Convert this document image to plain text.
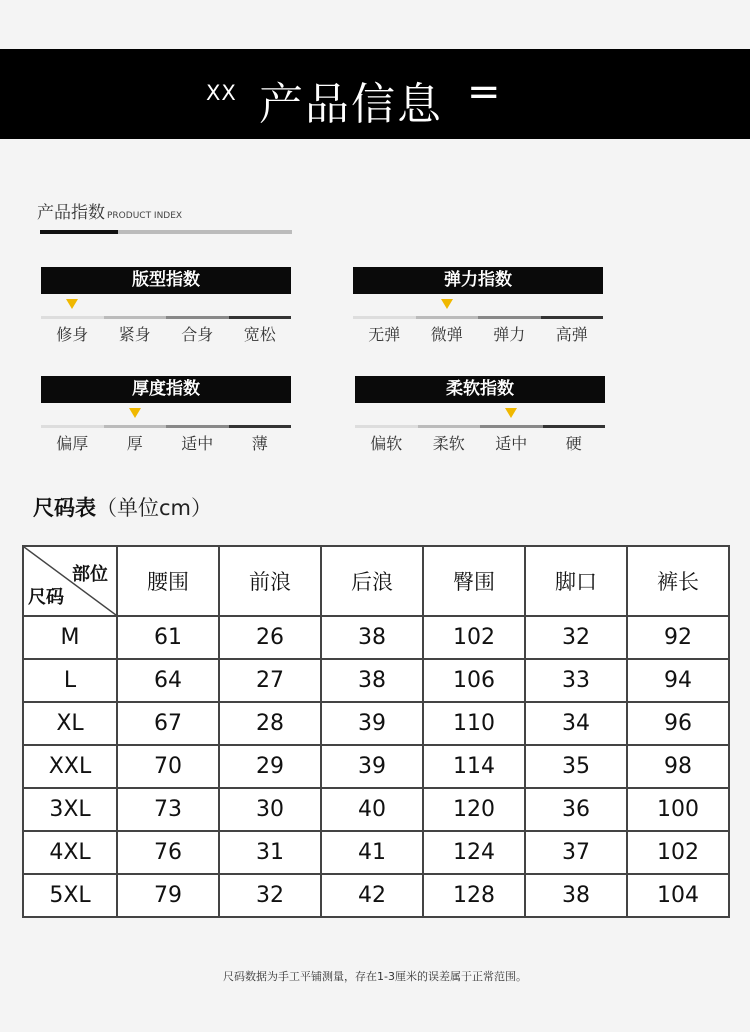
XX 产品信息 =
产品指数 PRODUCT INDEX
版型指数
修身	紧身	合身	宽松
弹力指数
无弹	微弹	弹力	高弹
厚度指数
偏厚	厚	适中	薄
柔软指数
偏软	柔软	适中	硬
尺码表（单位cm）
部位
尺码	腰围	前浪	后浪	臀围	脚口	裤长
M	61	26	38	102	32	92
L	64	27	38	106	33	94
XL	67	28	39	110	34	96
XXL	70	29	39	114	35	98
3XL	73	30	40	120	36	100
4XL	76	31	41	124	37	102
5XL	79	32	42	128	38	104
尺码数据为手工平铺测量，存在1-3厘米的误差属于正常范围。
